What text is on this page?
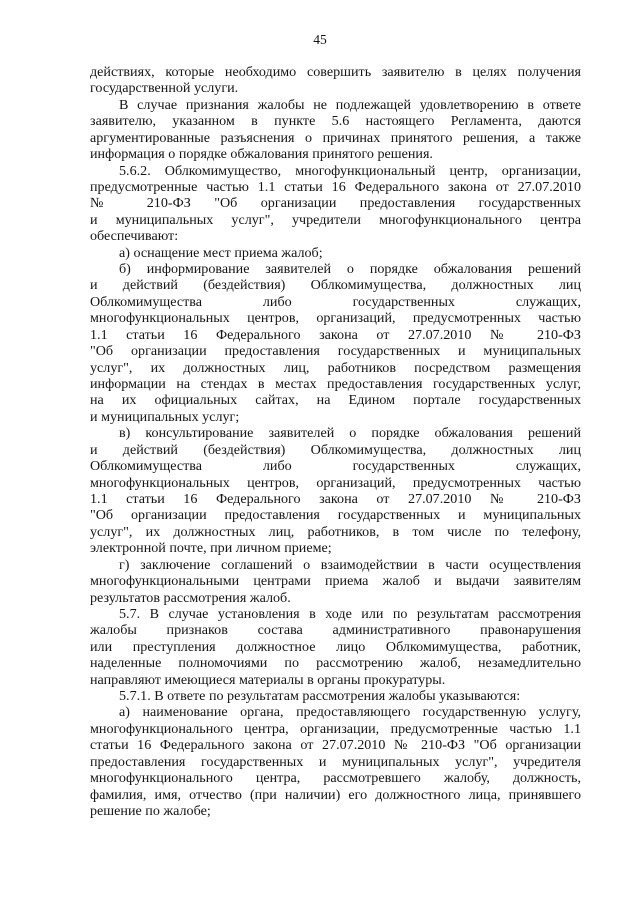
45
действиях, которые необходимо совершить заявителю в целях получения
государственной услуги.
В случае признания жалобы не подлежащей удовлетворению в ответе
заявителю, указанном в пункте 5.6 настоящего Регламента, даются
аргументированные разъяснения о причинах принятого решения, а также
информация о порядке обжалования принятого решения.
5.6.2. Облкомимущество, многофункциональный центр, организации,
предусмотренные частью 1.1 статьи 16 Федерального закона от 27.07.2010
№ 210-ФЗ "Об организации предоставления государственных
и муниципальных услуг", учредители многофункционального центра
обеспечивают:
а) оснащение мест приема жалоб;
б) информирование заявителей о порядке обжалования решений
и действий (бездействия) Облкомимущества, должностных лиц
Облкомимущества либо государственных служащих,
многофункциональных центров, организаций, предусмотренных частью
1.1 статьи 16 Федерального закона от 27.07.2010 № 210-ФЗ
"Об организации предоставления государственных и муниципальных
услуг", их должностных лиц, работников посредством размещения
информации на стендах в местах предоставления государственных услуг,
на их официальных сайтах, на Едином портале государственных
и муниципальных услуг;
в) консультирование заявителей о порядке обжалования решений
и действий (бездействия) Облкомимущества, должностных лиц
Облкомимущества либо государственных служащих,
многофункциональных центров, организаций, предусмотренных частью
1.1 статьи 16 Федерального закона от 27.07.2010 № 210-ФЗ
"Об организации предоставления государственных и муниципальных
услуг", их должностных лиц, работников, в том числе по телефону,
электронной почте, при личном приеме;
г) заключение соглашений о взаимодействии в части осуществления
многофункциональными центрами приема жалоб и выдачи заявителям
результатов рассмотрения жалоб.
5.7. В случае установления в ходе или по результатам рассмотрения
жалобы признаков состава административного правонарушения
или преступления должностное лицо Облкомимущества, работник,
наделенные полномочиями по рассмотрению жалоб, незамедлительно
направляют имеющиеся материалы в органы прокуратуры.
5.7.1. В ответе по результатам рассмотрения жалобы указываются:
а) наименование органа, предоставляющего государственную услугу,
многофункционального центра, организации, предусмотренные частью 1.1
статьи 16 Федерального закона от 27.07.2010 № 210-ФЗ "Об организации
предоставления государственных и муниципальных услуг", учредителя
многофункционального центра, рассмотревшего жалобу, должность,
фамилия, имя, отчество (при наличии) его должностного лица, принявшего
решение по жалобе;
